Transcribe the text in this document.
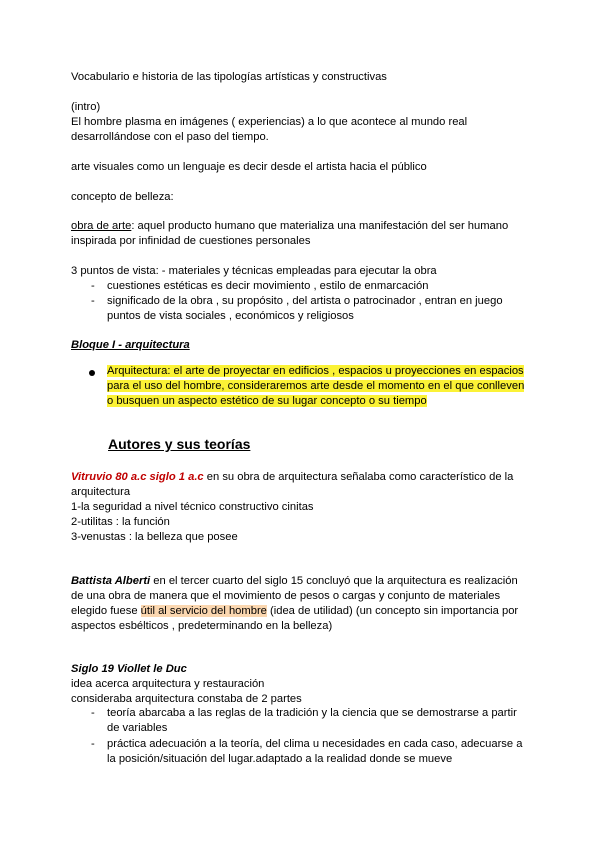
Vocabulario e historia de las tipologías artísticas y constructivas

(intro)

El hombre plasma en imágenes ( experiencias) a lo que acontece al mundo real

desarrollándose con el paso del tiempo.

arte visuales como un lenguaje es decir desde el artista hacia el público

concepto de belleza:

obra de arte: aquel producto humano que materializa una manifestación del ser humano

inspirada por infinidad de cuestiones personales

3 puntos de vista: - materiales y técnicas empleadas para ejecutar la obra

-	cuestiones estéticas es decir movimiento , estilo de enmarcación

-	significado de la obra , su propósito , del artista o patrocinador , entran en juego

puntos de vista sociales , económicos y religiosos

Bloque I - arquitectura

Arquitectura: el arte de proyectar en edificios , espacios u proyecciones en espacios

para el uso del hombre, consideraremos arte desde el momento en el que conlleven

o busquen un aspecto estético de su lugar concepto o su tiempo

Autores y sus teorías

Vitruvio 80 a.c siglo 1 a.c en su obra de arquitectura señalaba como característico de la

arquitectura

1-la seguridad a nivel técnico constructivo cinitas

2-utilitas : la función

3-venustas : la belleza que posee

Battista Alberti en el tercer cuarto del siglo 15 concluyó que la arquitectura es realización

de una obra de manera que el movimiento de pesos o cargas y conjunto de materiales

elegido fuese útil al servicio del hombre (idea de utilidad) (un concepto sin importancia por

aspectos esbélticos , predeterminando en la belleza)

Siglo 19 Viollet le Duc

idea acerca arquitectura y restauración

consideraba arquitectura constaba de 2 partes

-	teoría abarcaba a las reglas de la tradición y la ciencia que se demostrarse a partir

de variables

-	práctica adecuación a la teoría, del clima u necesidades en cada caso, adecuarse a

la posición/situación del lugar.adaptado a la realidad donde se mueve
